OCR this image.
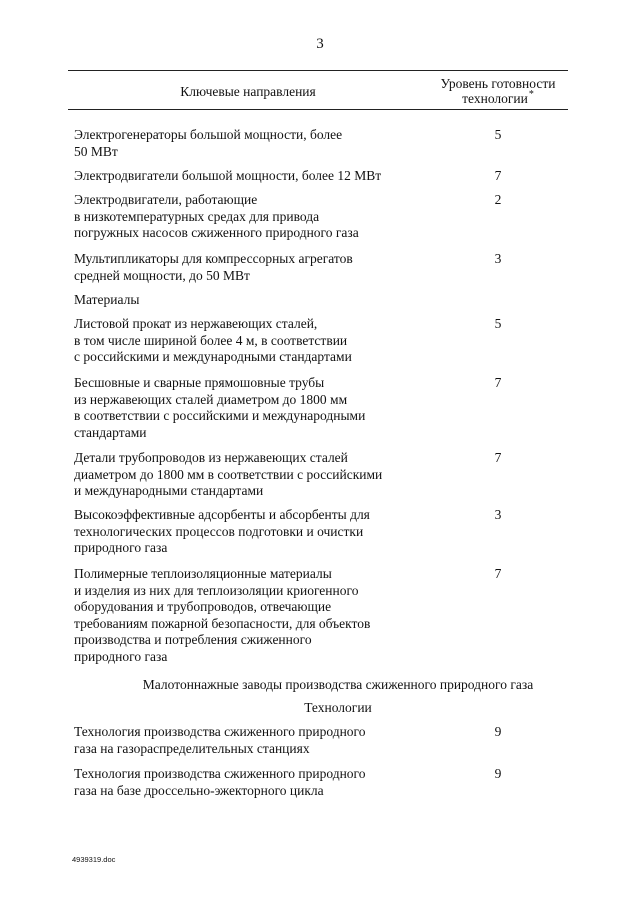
3
Ключевые направления
Уровень готовности
технологии*
Электрогенераторы большой мощности, более
50 МВт
5
Электродвигатели большой мощности, более 12 МВт	7
Электродвигатели, работающие
в низкотемпературных средах для привода
погружных насосов сжиженного природного газа
2
Мультипликаторы для компрессорных агрегатов
средней мощности, до 50 МВт
3
Материалы
Листовой прокат из нержавеющих сталей,
в том числе шириной более 4 м, в соответствии
с российскими и международными стандартами
5
Бесшовные и сварные прямошовные трубы
из нержавеющих сталей диаметром до 1800 мм
в соответствии с российскими и международными
стандартами
7
Детали трубопроводов из нержавеющих сталей
диаметром до 1800 мм в соответствии с российскими
и международными стандартами
7
Высокоэффективные адсорбенты и абсорбенты для
технологических процессов подготовки и очистки
природного газа
3
Полимерные теплоизоляционные материалы
и изделия из них для теплоизоляции криогенного
оборудования и трубопроводов, отвечающие
требованиям пожарной безопасности, для объектов
производства и потребления сжиженного
природного газа
7
Малотоннажные заводы производства сжиженного природного газа
Технологии
Технология производства сжиженного природного
газа на газораспределительных станциях
9
Технология производства сжиженного природного
газа на базе дроссельно-эжекторного цикла
9
4939319.doc
